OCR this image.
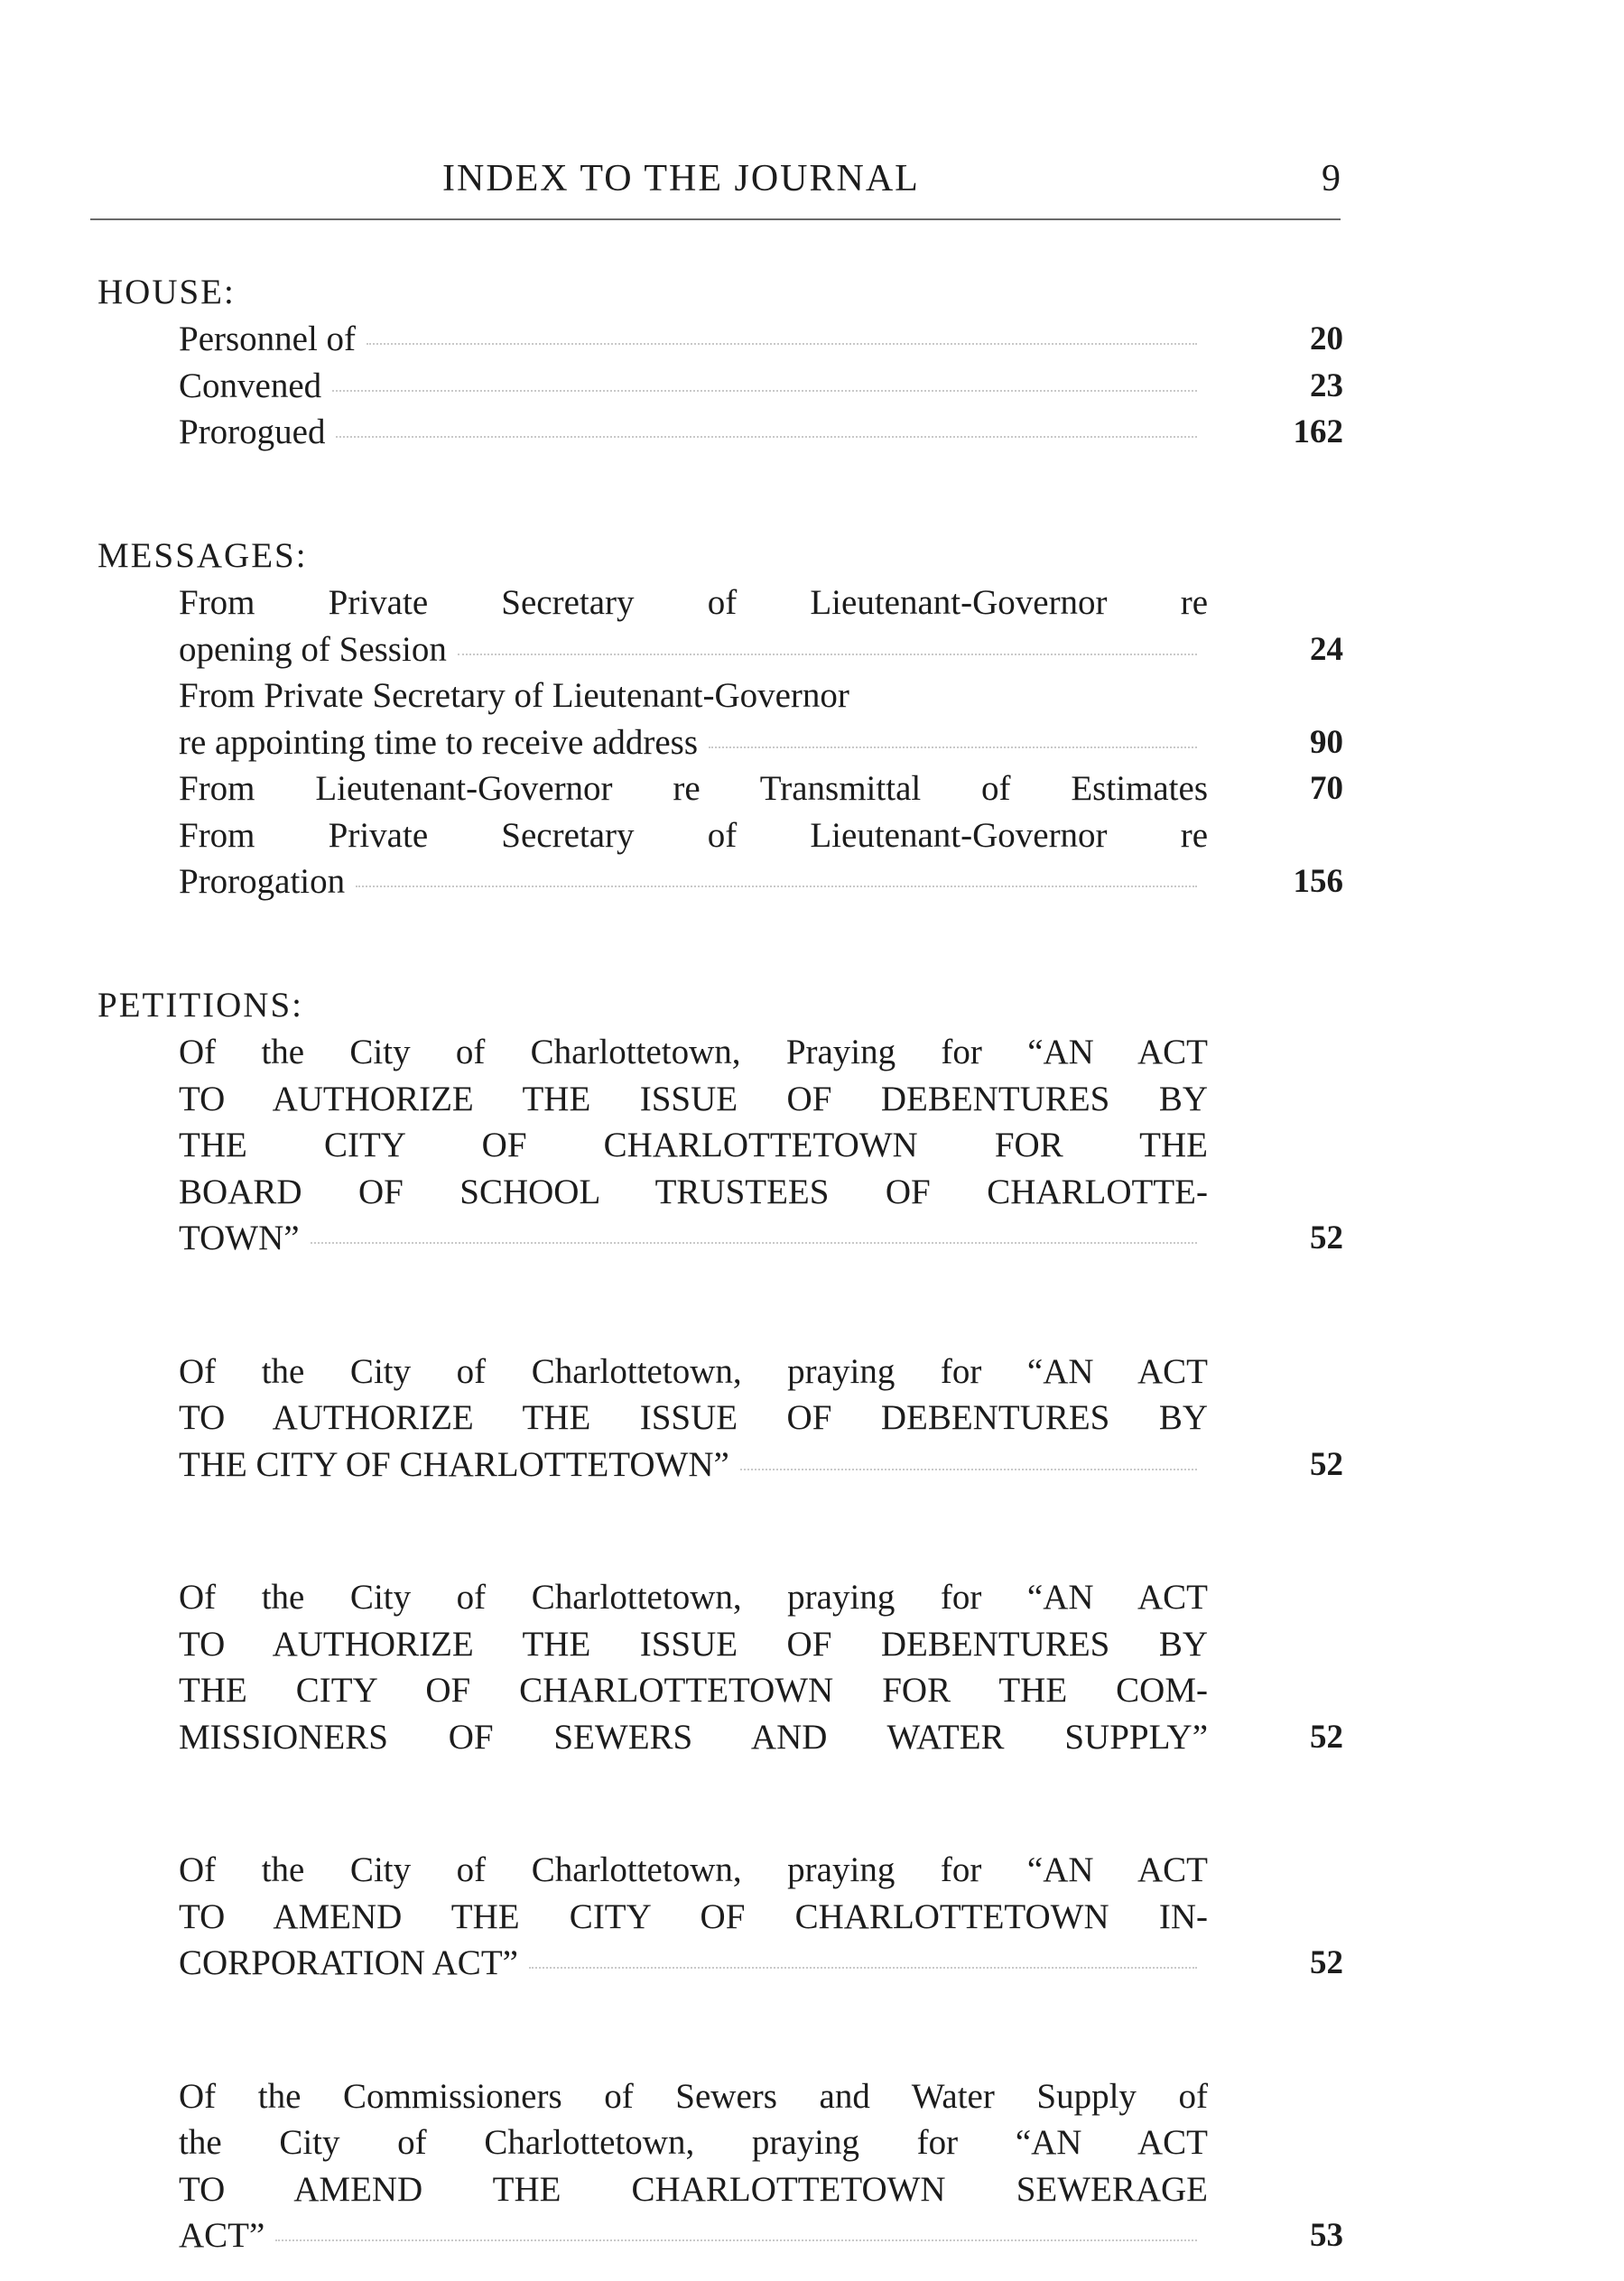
INDEX TO THE JOURNAL	9
HOUSE:
Personnel of	20
Convened	23
Prorogued	162
MESSAGES:
From Private Secretary of Lieutenant-Governor re
opening of Session	24
From Private Secretary of Lieutenant-Governor
re appointing time to receive address	90
From Lieutenant-Governor re Transmittal of Estimates	70
From Private Secretary of Lieutenant-Governor re
Prorogation	156
PETITIONS:
Of the City of Charlottetown, Praying for “AN ACT
TO AUTHORIZE THE ISSUE OF DEBENTURES BY
THE CITY OF CHARLOTTETOWN FOR THE
BOARD OF SCHOOL TRUSTEES OF CHARLOTTE-
TOWN”	52
Of the City of Charlottetown, praying for “AN ACT
TO AUTHORIZE THE ISSUE OF DEBENTURES BY
THE CITY OF CHARLOTTETOWN”	52
Of the City of Charlottetown, praying for “AN ACT
TO AUTHORIZE THE ISSUE OF DEBENTURES BY
THE CITY OF CHARLOTTETOWN FOR THE COM-
MISSIONERS OF SEWERS AND WATER SUPPLY”	52
Of the City of Charlottetown, praying for “AN ACT
TO AMEND THE CITY OF CHARLOTTETOWN IN-
CORPORATION ACT”	52
Of the Commissioners of Sewers and Water Supply of
the City of Charlottetown, praying for “AN ACT
TO AMEND THE CHARLOTTETOWN SEWERAGE
ACT”	53
